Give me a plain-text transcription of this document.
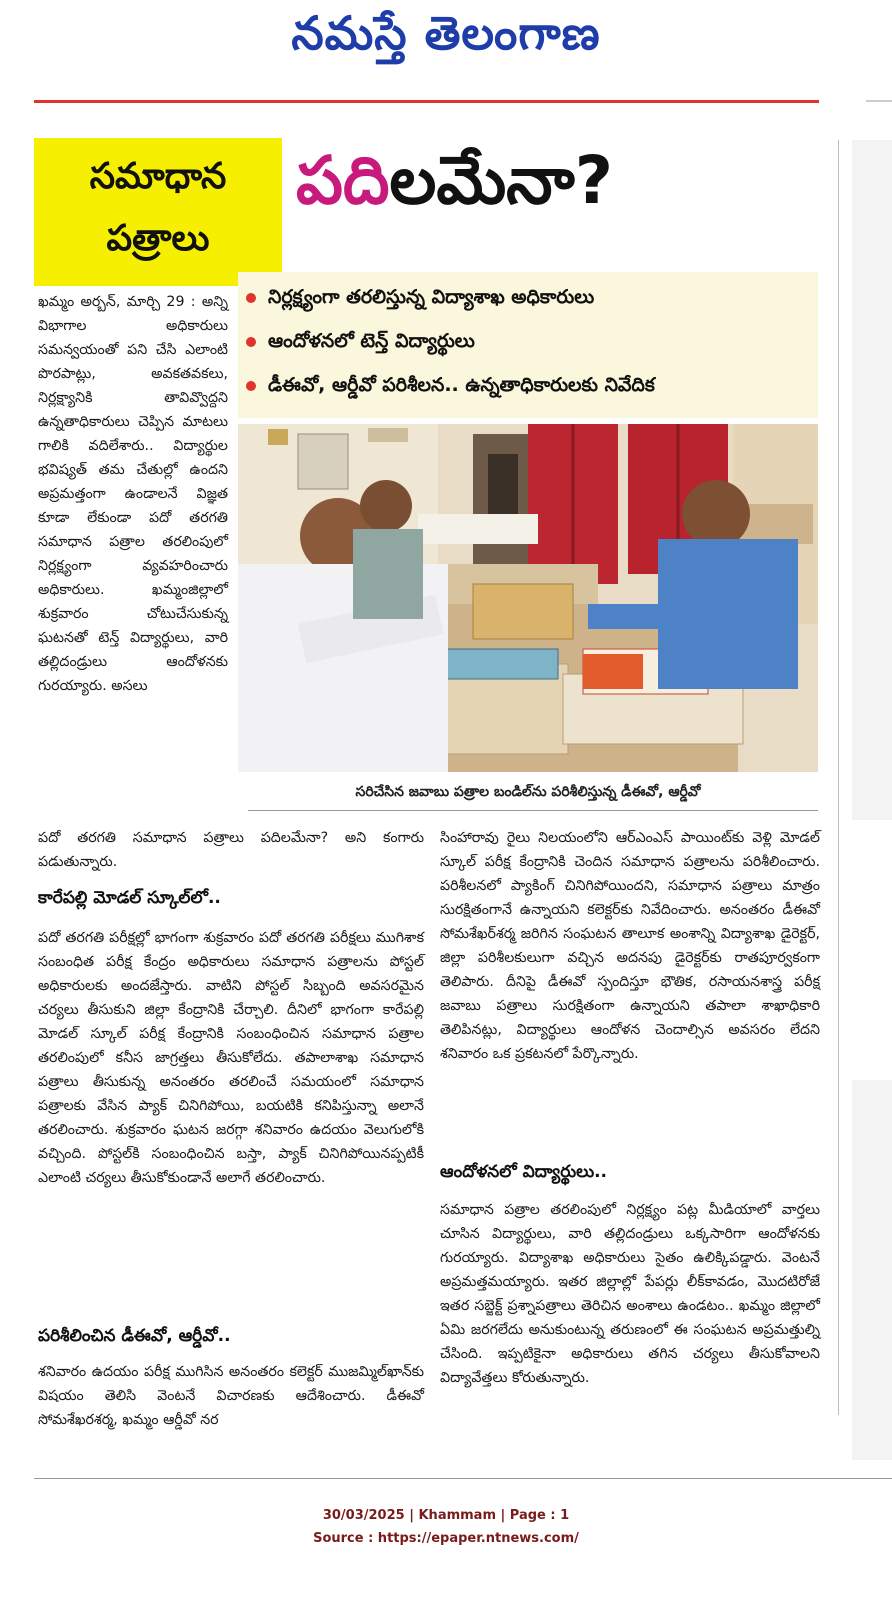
నమస్తే తెలంగాణ
సమాధాన
పత్రాలు
పదిలమేనా?
నిర్లక్ష్యంగా తరలిస్తున్న విద్యాశాఖ అధికారులు
ఆందోళనలో టెన్త్‌ విద్యార్థులు
డీఈవో, ఆర్డీవో పరిశీలన.. ఉన్నతాధికారులకు నివేదిక
సరిచేసిన జవాబు పత్రాల బండిల్‌ను పరిశీలిస్తున్న డీఈవో, ఆర్డీవో

ఖమ్మం అర్బన్‌, మార్చి 29 : అన్ని విభాగాల అధికారులు సమన్వయంతో పని చేసి ఎలాంటి పొరపాట్లు, అవకతవకలు, నిర్లక్ష్యానికి తావివ్వొద్దని ఉన్నతాధికారులు చెప్పిన మాటలు గాలికి వదిలేశారు.. విద్యార్థుల భవిష్యత్‌ తమ చేతుల్లో ఉందని అప్రమత్తంగా ఉండాలనే విజ్ఞత కూడా లేకుండా పదో తరగతి సమాధాన పత్రాల తరలింపులో నిర్లక్ష్యంగా వ్యవహరించారు అధికారులు. ఖమ్మంజిల్లాలో శుక్రవారం చోటుచేసుకున్న ఘటనతో టెన్త్‌ విద్యార్థులు, వారి తల్లిదండ్రులు ఆందోళనకు గురయ్యారు. అసలు

పదో తరగతి సమాధాన పత్రాలు పదిలమేనా? అని కంగారు పడుతున్నారు.

కారేపల్లి మోడల్‌ స్కూల్‌లో..

పదో తరగతి పరీక్షల్లో భాగంగా శుక్రవారం పదో తరగతి పరీక్షలు ముగిశాక సంబంధిత పరీక్ష కేంద్రం అధికారులు సమాధాన పత్రాలను పోస్టల్‌ అధికారులకు అందజేస్తారు. వాటిని పోస్టల్‌ సిబ్బంది అవసరమైన చర్యలు తీసుకుని జిల్లా కేంద్రానికి చేర్చాలి. దీనిలో భాగంగా కారేపల్లి మోడల్‌ స్కూల్‌ పరీక్ష కేంద్రానికి సంబంధించిన సమాధాన పత్రాల తరలింపులో కనీస జాగ్రత్తలు తీసుకోలేదు. తపాలాశాఖ సమాధాన పత్రాలు తీసుకున్న అనంతరం తరలించే సమయంలో సమాధాన పత్రాలకు వేసిన ప్యాక్‌ చినిగిపోయి, బయటికి కనిపిస్తున్నా అలానే తరలించారు. శుక్రవారం ఘటన జరగ్గా శనివారం ఉదయం వెలుగులోకి వచ్చింది. పోస్టల్‌కి సంబంధించిన బస్తా, ప్యాక్‌ చినిగిపోయినప్పటికీ ఎలాంటి చర్యలు తీసుకోకుండానే అలాగే తరలించారు.

పరిశీలించిన డీఈవో, ఆర్డీవో..

శనివారం ఉదయం పరీక్ష ముగిసిన అనంతరం కలెక్టర్‌ ముజమ్మిల్‌ఖాన్‌కు విషయం తెలిసి వెంటనే విచారణకు ఆదేశించారు. డీఈవో సోమశేఖరశర్మ, ఖమ్మం ఆర్డీవో నర

సింహారావు రైలు నిలయంలోని ఆర్‌ఎంఎస్‌ పాయింట్‌కు వెళ్లి మోడల్‌ స్కూల్‌ పరీక్ష కేంద్రానికి చెందిన సమాధాన పత్రాలను పరిశీలించారు. పరిశీలనలో ప్యాకింగ్‌ చినిగిపోయిందని, సమాధాన పత్రాలు మాత్రం సురక్షితంగానే ఉన్నాయని కలెక్టర్‌కు నివేదించారు. అనంతరం డీఈవో సోమశేఖర్‌శర్మ జరిగిన సంఘటన తాలూక అంశాన్ని విద్యాశాఖ డైరెక్టర్‌, జిల్లా పరిశీలకులుగా వచ్చిన అదనపు డైరెక్టర్‌కు రాతపూర్వకంగా తెలిపారు. దీనిపై డీఈవో స్పందిస్తూ భౌతిక, రసాయనశాస్త్ర పరీక్ష జవాబు పత్రాలు సురక్షితంగా ఉన్నాయని తపాలా శాఖాధికారి తెలిపినట్లు, విద్యార్థులు ఆందోళన చెందాల్సిన అవసరం లేదని శనివారం ఒక ప్రకటనలో పేర్కొన్నారు.

ఆందోళనలో విద్యార్థులు..

సమాధాన పత్రాల తరలింపులో నిర్లక్ష్యం పట్ల మీడియాలో వార్తలు చూసిన విద్యార్థులు, వారి తల్లిదండ్రులు ఒక్కసారిగా ఆందోళనకు గురయ్యారు. విద్యాశాఖ అధికారులు సైతం ఉలిక్కిపడ్డారు. వెంటనే అప్రమత్తమయ్యారు. ఇతర జిల్లాల్లో పేపర్లు లీక్‌కావడం, మొదటిరోజే ఇతర సబ్జెక్ట్‌ ప్రశ్నాపత్రాలు తెరిచిన అంశాలు ఉండటం.. ఖమ్మం జిల్లాలో ఏమి జరగలేదు అనుకుంటున్న తరుణంలో ఈ సంఘటన అప్రమత్తుల్ని చేసింది. ఇప్పటికైనా అధికారులు తగిన చర్యలు తీసుకోవాలని విద్యావేత్తలు కోరుతున్నారు.

30/03/2025 | Khammam | Page : 1
Source : https://epaper.ntnews.com/
